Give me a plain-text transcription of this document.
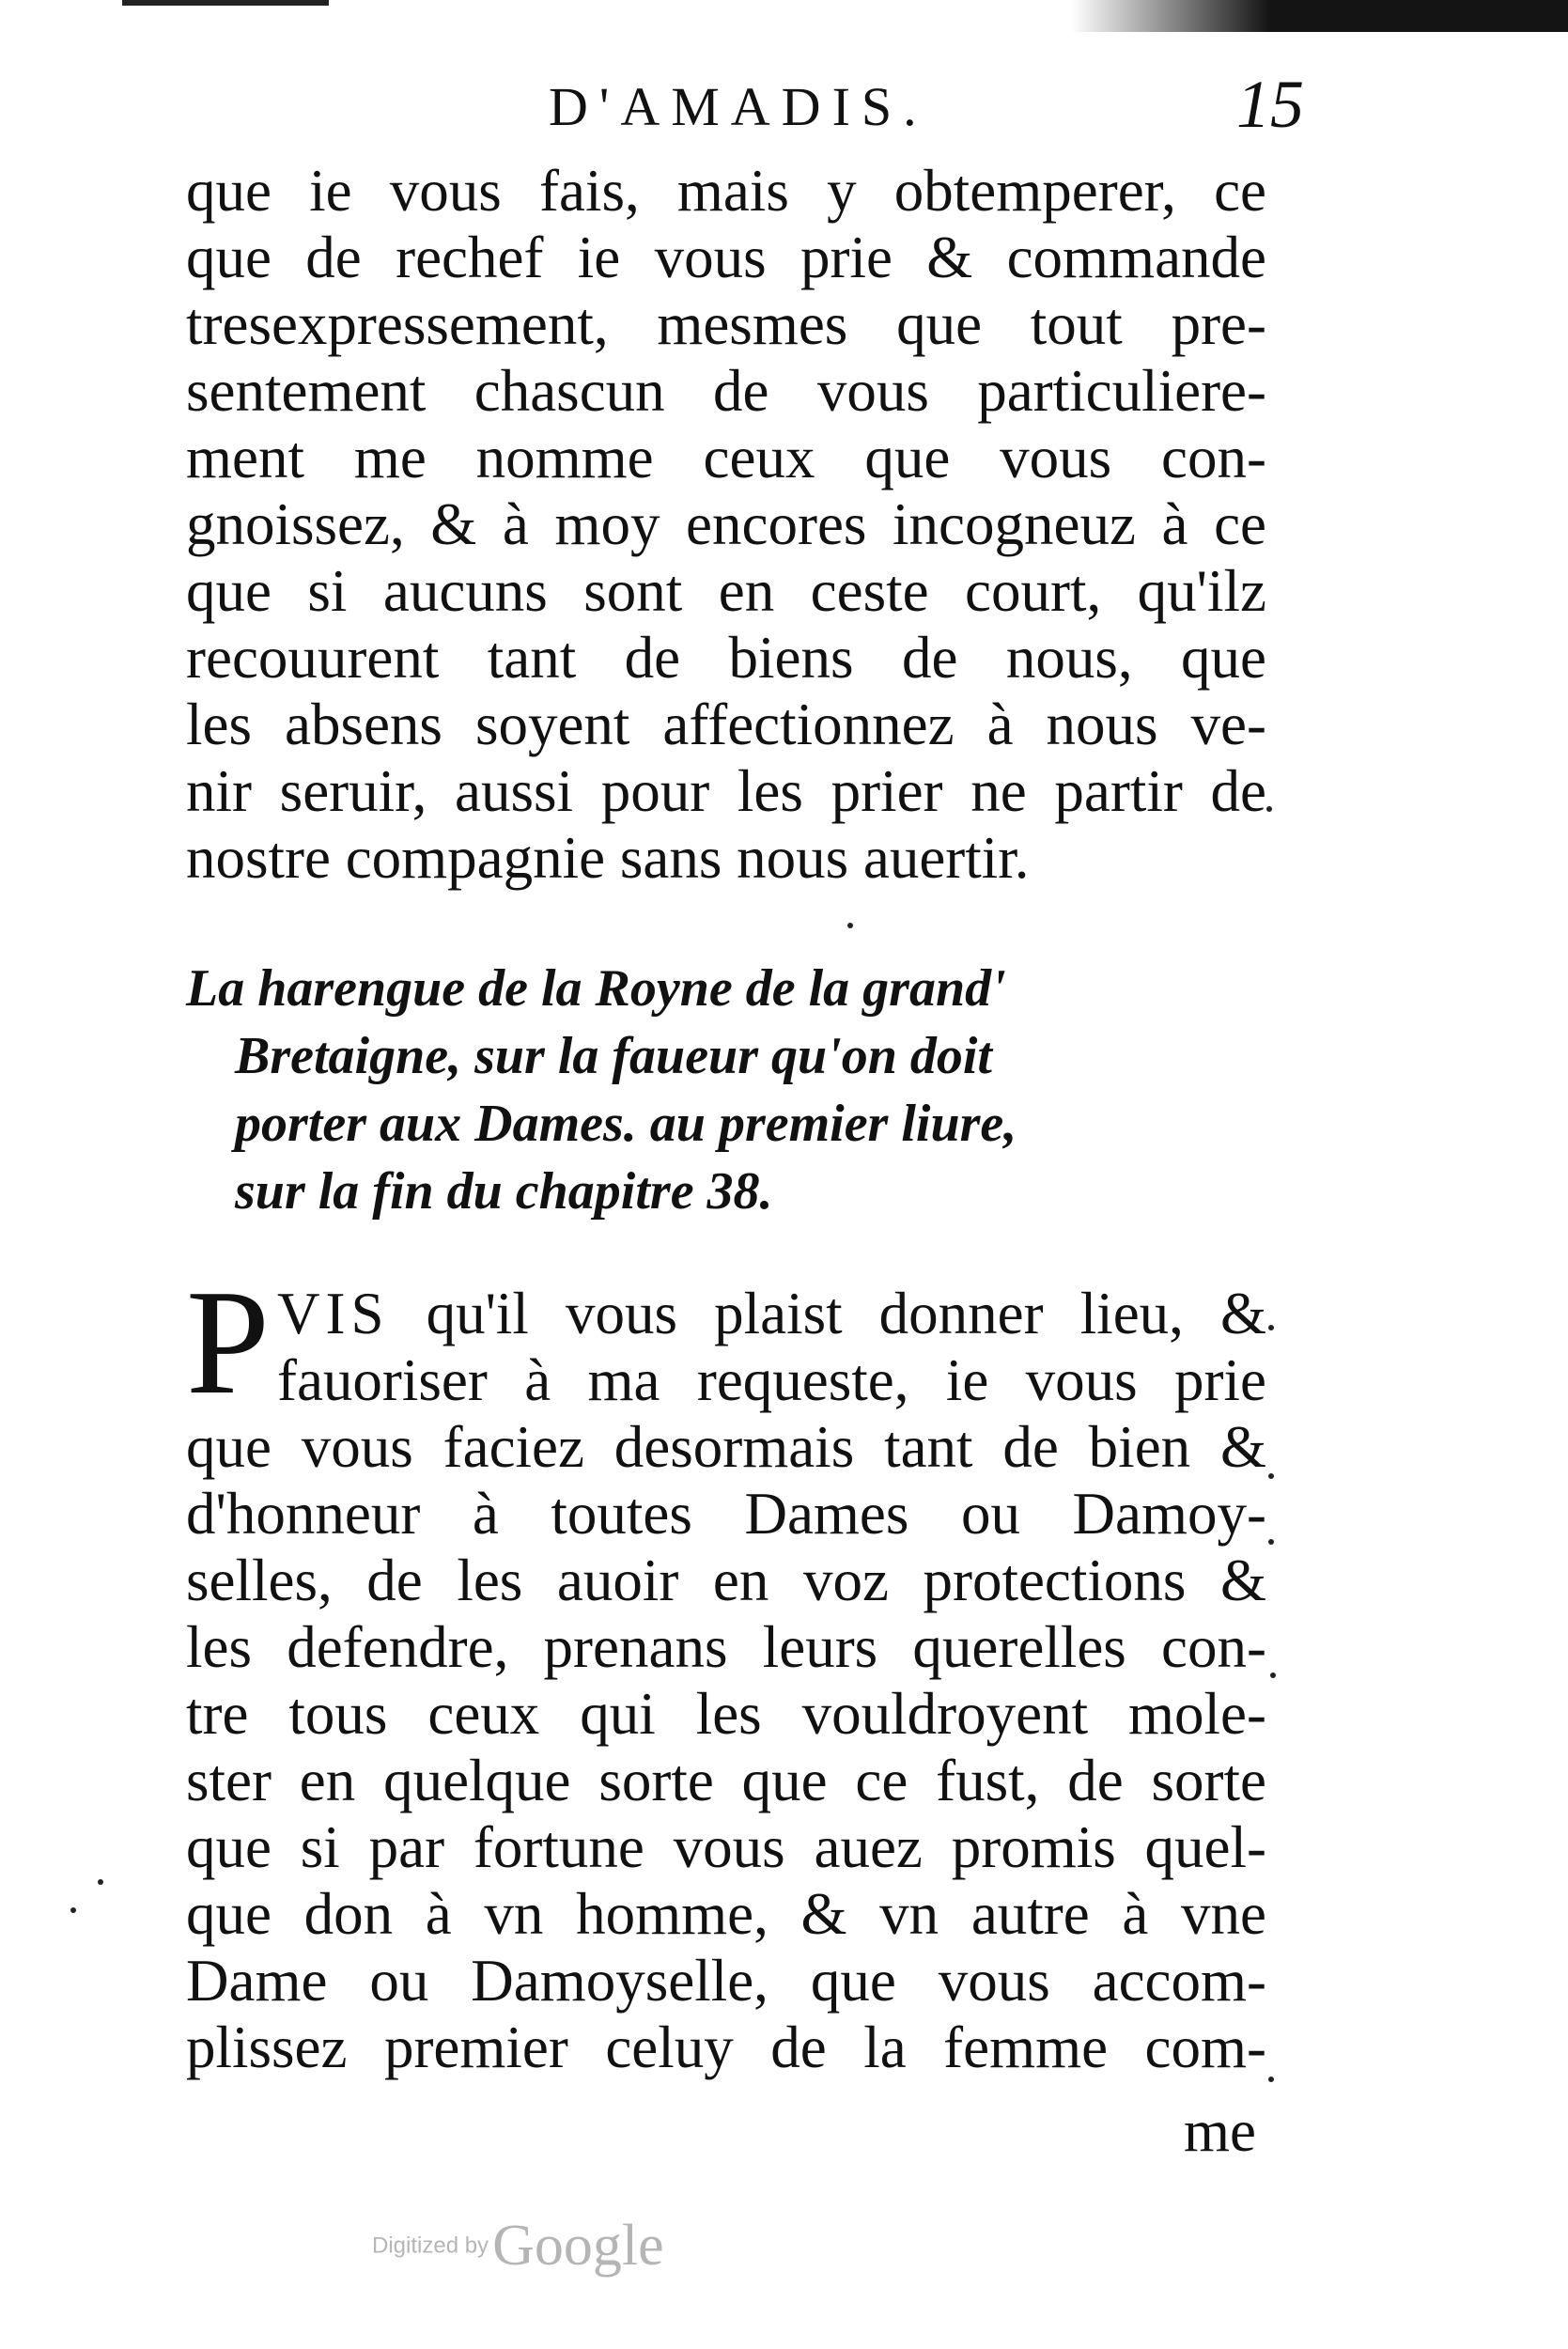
D'AMADIS.	15
que ie vous fais, mais y obtemperer, ce
que de rechef ie vous prie & commande
tresexpressement, mesmes que tout pre-
sentement chascun de vous particuliere-
ment me nomme ceux que vous con-
gnoissez, & à moy encores incogneuz à ce
que si aucuns sont en ceste court, qu'ilz
recouurent tant de biens de nous, que
les absens soyent affectionnez à nous ve-
nir seruir, aussi pour les prier ne partir de
nostre compagnie sans nous auertir.
La harengue de la Royne de la grand'
Bretaigne, sur la faueur qu'on doit
porter aux Dames. au premier liure,
sur la fin du chapitre 38.
P VIS qu'il vous plaist donner lieu, &
fauoriser à ma requeste, ie vous prie
que vous faciez desormais tant de bien &
d'honneur à toutes Dames ou Damoy-
selles, de les auoir en voz protections &
les defendre, prenans leurs querelles con-
tre tous ceux qui les vouldroyent mole-
ster en quelque sorte que ce fust, de sorte
que si par fortune vous auez promis quel-
que don à vn homme, & vn autre à vne
Dame ou Damoyselle, que vous accom-
plissez premier celuy de la femme com-
me
Digitized by Google
